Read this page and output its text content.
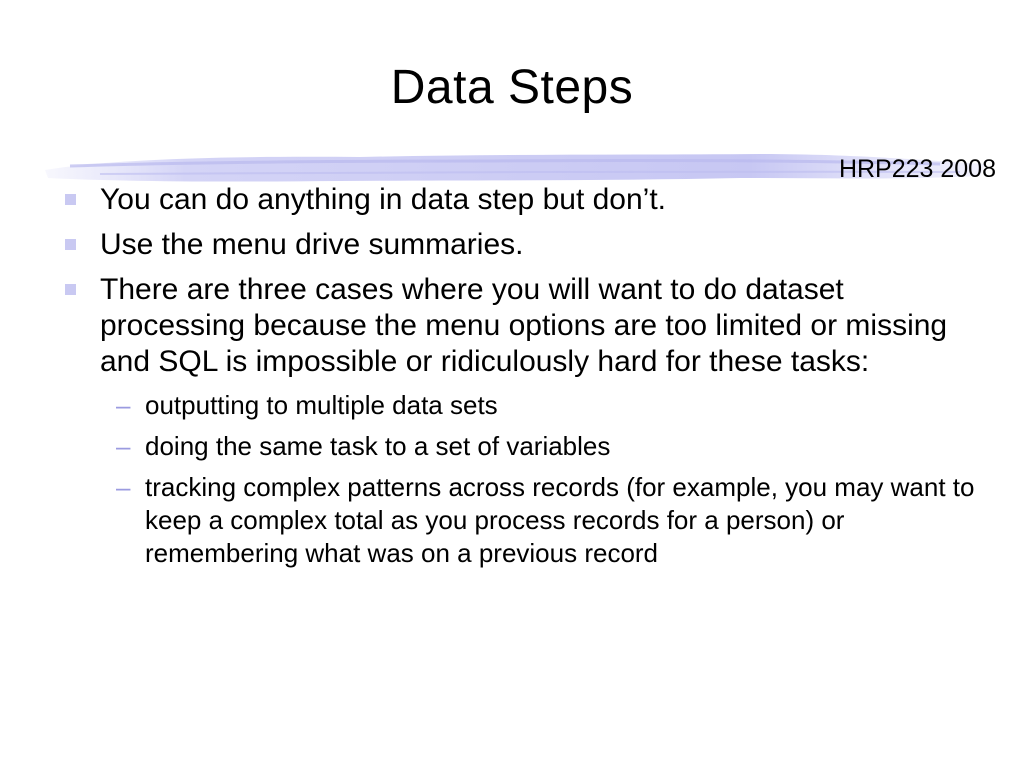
Data Steps
HRP223 2008
You can do anything in data step but don’t.
Use the menu drive summaries.
There are three cases where you will want to do dataset processing because the menu options are too limited or missing and SQL is impossible or ridiculously hard for these tasks:
– outputting to multiple data sets
– doing the same task to a set of variables
– tracking complex patterns across records (for example, you may want to keep a complex total as you process records for a person) or remembering what was on a previous record
